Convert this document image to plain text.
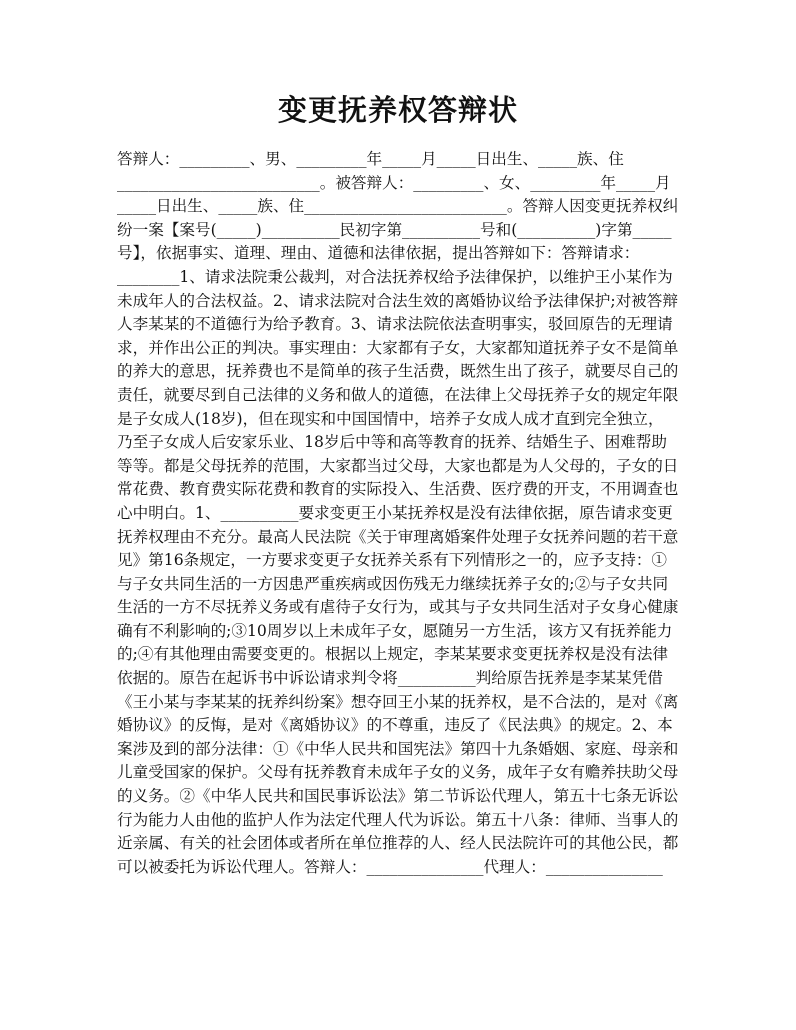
变更抚养权答辩状
答辩人：_________、男、_________年_____月_____日出生、_____族、住
__________________________。被答辩人：_________、女、_________年_____月
_____日出生、_____族、住__________________________。答辩人因变更抚养权纠
纷一案【案号(_____)__________民初字第__________号和(__________)字第_____
号】，依据事实、道理、理由、道德和法律依据，提出答辩如下：答辩请求：
________1、请求法院秉公裁判，对合法抚养权给予法律保护，以维护王小某作为
未成年人的合法权益。2、请求法院对合法生效的离婚协议给予法律保护;对被答辩
人李某某的不道德行为给予教育。3、请求法院依法查明事实，驳回原告的无理请
求，并作出公正的判决。事实理由：大家都有子女，大家都知道抚养子女不是简单
的养大的意思，抚养费也不是简单的孩子生活费，既然生出了孩子，就要尽自己的
责任，就要尽到自己法律的义务和做人的道德，在法律上父母抚养子女的规定年限
是子女成人(18岁)，但在现实和中国国情中，培养子女成人成才直到完全独立，
乃至子女成人后安家乐业、18岁后中等和高等教育的抚养、结婚生子、困难帮助
等等。都是父母抚养的范围，大家都当过父母，大家也都是为人父母的，子女的日
常花费、教育费实际花费和教育的实际投入、生活费、医疗费的开支，不用调查也
心中明白。1、__________要求变更王小某抚养权是没有法律依据，原告请求变更
抚养权理由不充分。最高人民法院《关于审理离婚案件处理子女抚养问题的若干意
见》第16条规定，一方要求变更子女抚养关系有下列情形之一的，应予支持：①
与子女共同生活的一方因患严重疾病或因伤残无力继续抚养子女的;②与子女共同
生活的一方不尽抚养义务或有虐待子女行为，或其与子女共同生活对子女身心健康
确有不利影响的;③10周岁以上未成年子女，愿随另一方生活，该方又有抚养能力
的;④有其他理由需要变更的。根据以上规定，李某某要求变更抚养权是没有法律
依据的。原告在起诉书中诉讼请求判令将__________判给原告抚养是李某某凭借
《王小某与李某某的抚养纠纷案》想夺回王小某的抚养权，是不合法的，是对《离
婚协议》的反悔，是对《离婚协议》的不尊重，违反了《民法典》的规定。2、本
案涉及到的部分法律：①《中华人民共和国宪法》第四十九条婚姻、家庭、母亲和
儿童受国家的保护。父母有抚养教育未成年子女的义务，成年子女有赡养扶助父母
的义务。②《中华人民共和国民事诉讼法》第二节诉讼代理人，第五十七条无诉讼
行为能力人由他的监护人作为法定代理人代为诉讼。第五十八条：律师、当事人的
近亲属、有关的社会团体或者所在单位推荐的人、经人民法院许可的其他公民，都
可以被委托为诉讼代理人。答辩人：_______________代理人：_______________
